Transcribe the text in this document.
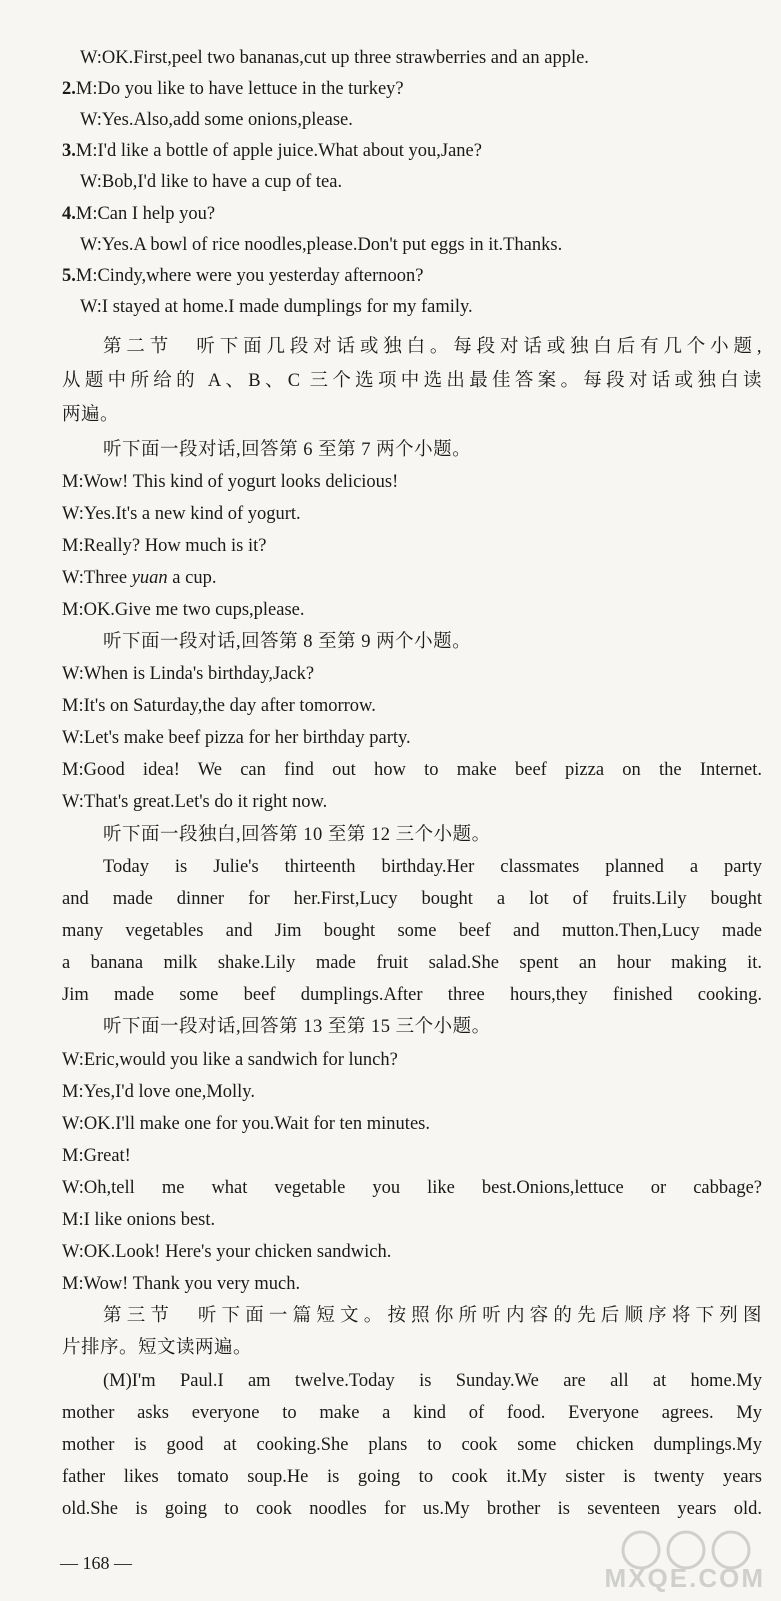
W:OK.First,peel two bananas,cut up three strawberries and an apple.
2.M:Do you like to have lettuce in the turkey?
W:Yes.Also,add some onions,please.
3.M:I'd like a bottle of apple juice.What about you,Jane?
W:Bob,I'd like to have a cup of tea.
4.M:Can I help you?
W:Yes.A bowl of rice noodles,please.Don't put eggs in it.Thanks.
5.M:Cindy,where were you yesterday afternoon?
W:I stayed at home.I made dumplings for my family.
第二节　听下面几段对话或独白。每段对话或独白后有几个小题,
从题中所给的 A、B、C 三个选项中选出最佳答案。每段对话或独白读
两遍。
听下面一段对话,回答第 6 至第 7 两个小题。
M:Wow! This kind of yogurt looks delicious!
W:Yes.It's a new kind of yogurt.
M:Really? How much is it?
W:Three yuan a cup.
M:OK.Give me two cups,please.
听下面一段对话,回答第 8 至第 9 两个小题。
W:When is Linda's birthday,Jack?
M:It's on Saturday,the day after tomorrow.
W:Let's make beef pizza for her birthday party.
M:Good idea! We can find out how to make beef pizza on the Internet.
W:That's great.Let's do it right now.
听下面一段独白,回答第 10 至第 12 三个小题。
Today is Julie's thirteenth birthday.Her classmates planned a party
and made dinner for her.First,Lucy bought a lot of fruits.Lily bought
many vegetables and Jim bought some beef and mutton.Then,Lucy made
a banana milk shake.Lily made fruit salad.She spent an hour making it.
Jim made some beef dumplings.After three hours,they finished cooking.
听下面一段对话,回答第 13 至第 15 三个小题。
W:Eric,would you like a sandwich for lunch?
M:Yes,I'd love one,Molly.
W:OK.I'll make one for you.Wait for ten minutes.
M:Great!
W:Oh,tell me what vegetable you like best.Onions,lettuce or cabbage?
M:I like onions best.
W:OK.Look! Here's your chicken sandwich.
M:Wow! Thank you very much.
第三节　听下面一篇短文。按照你所听内容的先后顺序将下列图
片排序。短文读两遍。
(M)I'm Paul.I am twelve.Today is Sunday.We are all at home.My
mother asks everyone to make a kind of food. Everyone agrees. My
mother is good at cooking.She plans to cook some chicken dumplings.My
father likes tomato soup.He is going to cook it.My sister is twenty years
old.She is going to cook noodles for us.My brother is seventeen years old.
— 168 —	MXQE.COM
